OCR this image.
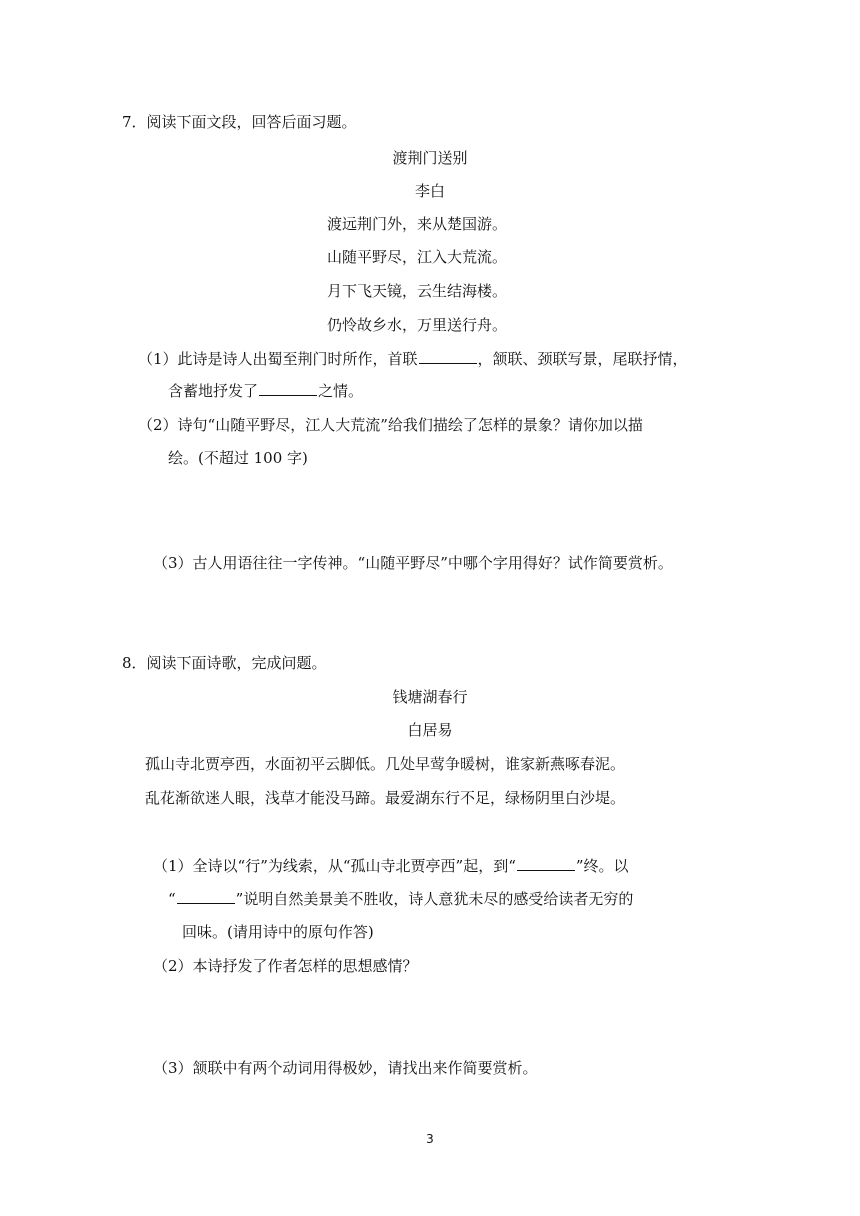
7．阅读下面文段，回答后面习题。
渡荆门送别
李白
渡远荆门外，来从楚国游。
山随平野尽，江入大荒流。
月下飞天镜，云生结海楼。
仍怜故乡水，万里送行舟。
（1）此诗是诗人出蜀至荆门时所作，首联	，颔联、颈联写景，尾联抒情，
含蓄地抒发了	之情。
（2）诗句“山随平野尽，江人大荒流”给我们描绘了怎样的景象？请你加以描
绘。(不超过 100 字)
（3）古人用语往往一字传神。“山随平野尽”中哪个字用得好？试作简要赏析。
8．阅读下面诗歌，完成问题。
钱塘湖春行
白居易
孤山寺北贾亭西，水面初平云脚低。几处早莺争暖树，谁家新燕啄春泥。
乱花渐欲迷人眼，浅草才能没马蹄。最爱湖东行不足，绿杨阴里白沙堤。
（1）全诗以“行”为线索，从“孤山寺北贾亭西”起，到“	”终。以
“	”说明自然美景美不胜收，诗人意犹未尽的感受给读者无穷的
回味。(请用诗中的原句作答)
（2）本诗抒发了作者怎样的思想感情？
（3）颔联中有两个动词用得极妙，请找出来作简要赏析。
3
